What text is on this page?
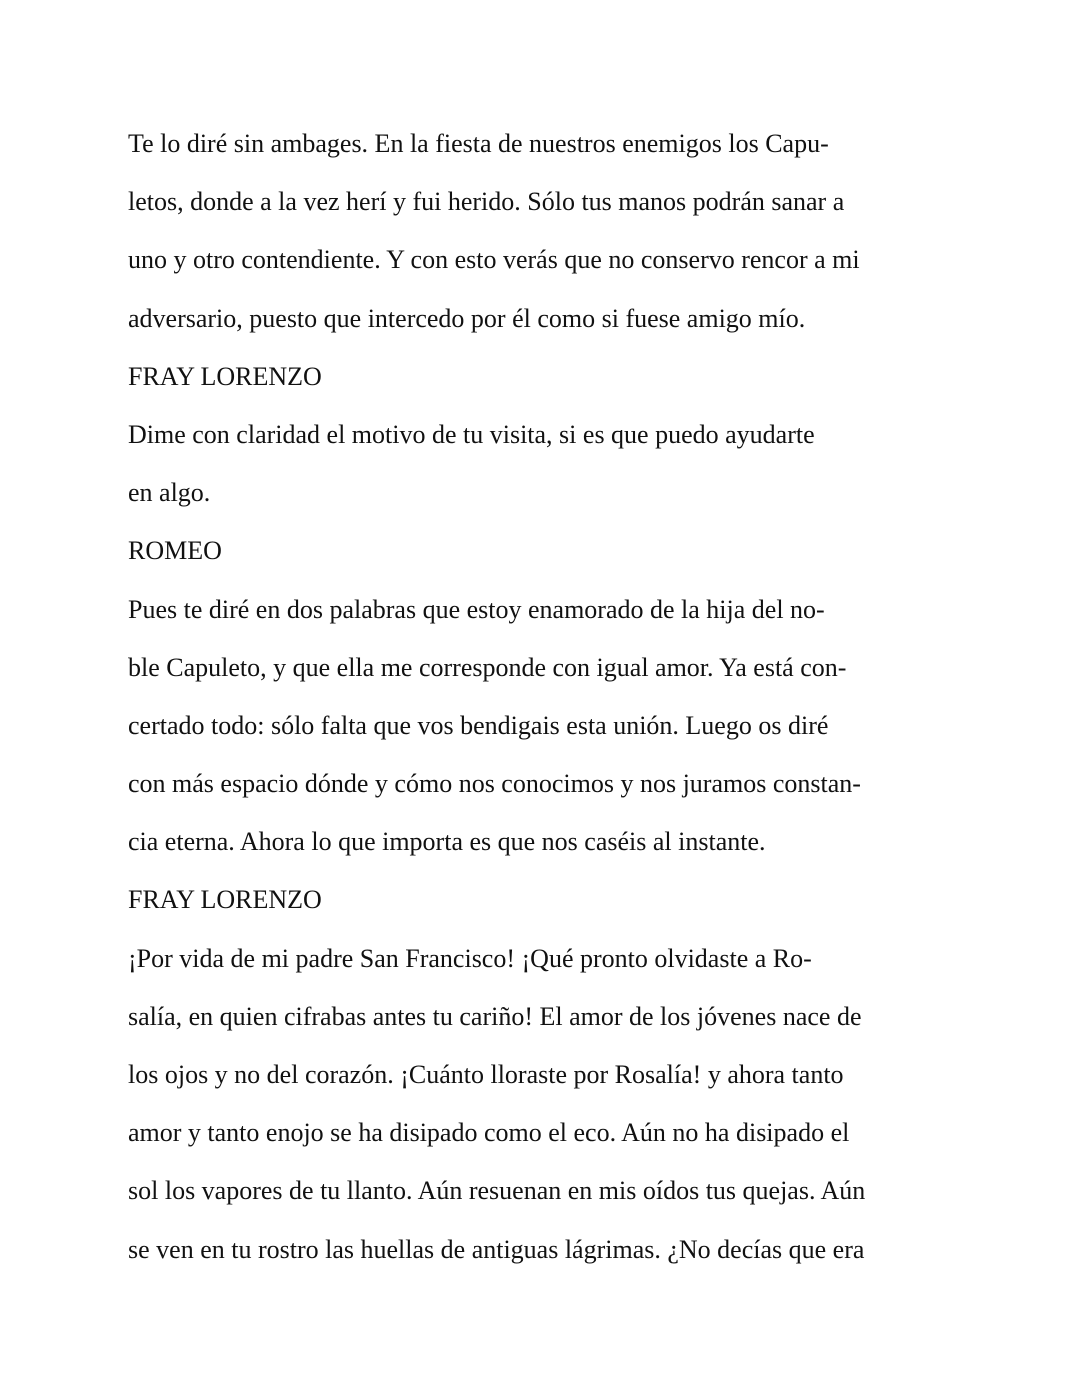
Te lo diré sin ambages. En la fiesta de nuestros enemigos los Capu-
letos, donde a la vez herí y fui herido. Sólo tus manos podrán sanar a
uno y otro contendiente. Y con esto verás que no conservo rencor a mi
adversario, puesto que intercedo por él como si fuese amigo mío.
FRAY LORENZO
Dime con claridad el motivo de tu visita, si es que puedo ayudarte
en algo.
ROMEO
Pues te diré en dos palabras que estoy enamorado de la hija del no-
ble Capuleto, y que ella me corresponde con igual amor. Ya está con-
certado todo: sólo falta que vos bendigais esta unión. Luego os diré
con más espacio dónde y cómo nos conocimos y nos juramos constan-
cia eterna. Ahora lo que importa es que nos caséis al instante.
FRAY LORENZO
¡Por vida de mi padre San Francisco! ¡Qué pronto olvidaste a Ro-
salía, en quien cifrabas antes tu cariño! El amor de los jóvenes nace de
los ojos y no del corazón. ¡Cuánto lloraste por Rosalía! y ahora tanto
amor y tanto enojo se ha disipado como el eco. Aún no ha disipado el
sol los vapores de tu llanto. Aún resuenan en mis oídos tus quejas. Aún
se ven en tu rostro las huellas de antiguas lágrimas. ¿No decías que era
